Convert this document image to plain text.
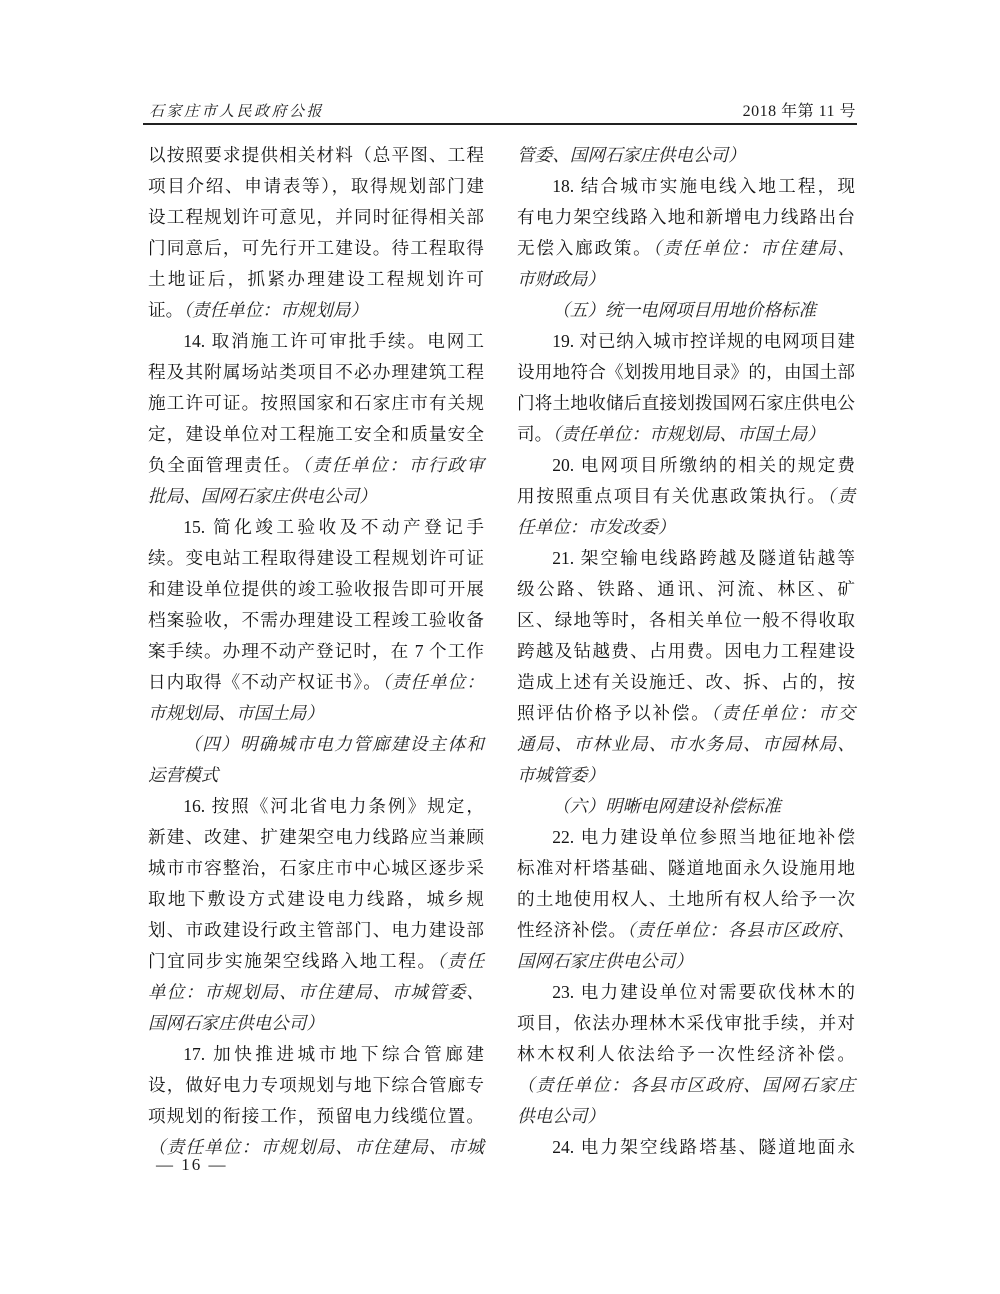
石家庄市人民政府公报	2018 年第 11 号
以按照要求提供相关材料（总平图、工程
项目介绍、申请表等），取得规划部门建
设工程规划许可意见，并同时征得相关部
门同意后，可先行开工建设。待工程取得
土地证后，抓紧办理建设工程规划许可
证。（责任单位：市规划局）
14. 取消施工许可审批手续。电网工
程及其附属场站类项目不必办理建筑工程
施工许可证。按照国家和石家庄市有关规
定，建设单位对工程施工安全和质量安全
负全面管理责任。（责任单位：市行政审
批局、国网石家庄供电公司）
15. 简化竣工验收及不动产登记手
续。变电站工程取得建设工程规划许可证
和建设单位提供的竣工验收报告即可开展
档案验收，不需办理建设工程竣工验收备
案手续。办理不动产登记时，在 7 个工作
日内取得《不动产权证书》。（责任单位：
市规划局、市国土局）
（四）明确城市电力管廊建设主体和
运营模式
16. 按照《河北省电力条例》规定，
新建、改建、扩建架空电力线路应当兼顾
城市市容整治，石家庄市中心城区逐步采
取地下敷设方式建设电力线路，城乡规
划、市政建设行政主管部门、电力建设部
门宜同步实施架空线路入地工程。（责任
单位：市规划局、市住建局、市城管委、
国网石家庄供电公司）
17. 加快推进城市地下综合管廊建
设，做好电力专项规划与地下综合管廊专
项规划的衔接工作，预留电力线缆位置。
（责任单位：市规划局、市住建局、市城
管委、国网石家庄供电公司）
18. 结合城市实施电线入地工程，现
有电力架空线路入地和新增电力线路出台
无偿入廊政策。（责任单位：市住建局、
市财政局）
（五）统一电网项目用地价格标准
19. 对已纳入城市控详规的电网项目建
设用地符合《划拨用地目录》的，由国土部
门将土地收储后直接划拨国网石家庄供电公
司。（责任单位：市规划局、市国土局）
20. 电网项目所缴纳的相关的规定费
用按照重点项目有关优惠政策执行。（责
任单位：市发改委）
21. 架空输电线路跨越及隧道钻越等
级公路、铁路、通讯、河流、林区、矿
区、绿地等时，各相关单位一般不得收取
跨越及钻越费、占用费。因电力工程建设
造成上述有关设施迁、改、拆、占的，按
照评估价格予以补偿。（责任单位：市交
通局、市林业局、市水务局、市园林局、
市城管委）
（六）明晰电网建设补偿标准
22. 电力建设单位参照当地征地补偿
标准对杆塔基础、隧道地面永久设施用地
的土地使用权人、土地所有权人给予一次
性经济补偿。（责任单位：各县市区政府、
国网石家庄供电公司）
23. 电力建设单位对需要砍伐林木的
项目，依法办理林木采伐审批手续，并对
林木权利人依法给予一次性经济补偿。
（责任单位：各县市区政府、国网石家庄
供电公司）
24. 电力架空线路塔基、隧道地面永
— 16 —
